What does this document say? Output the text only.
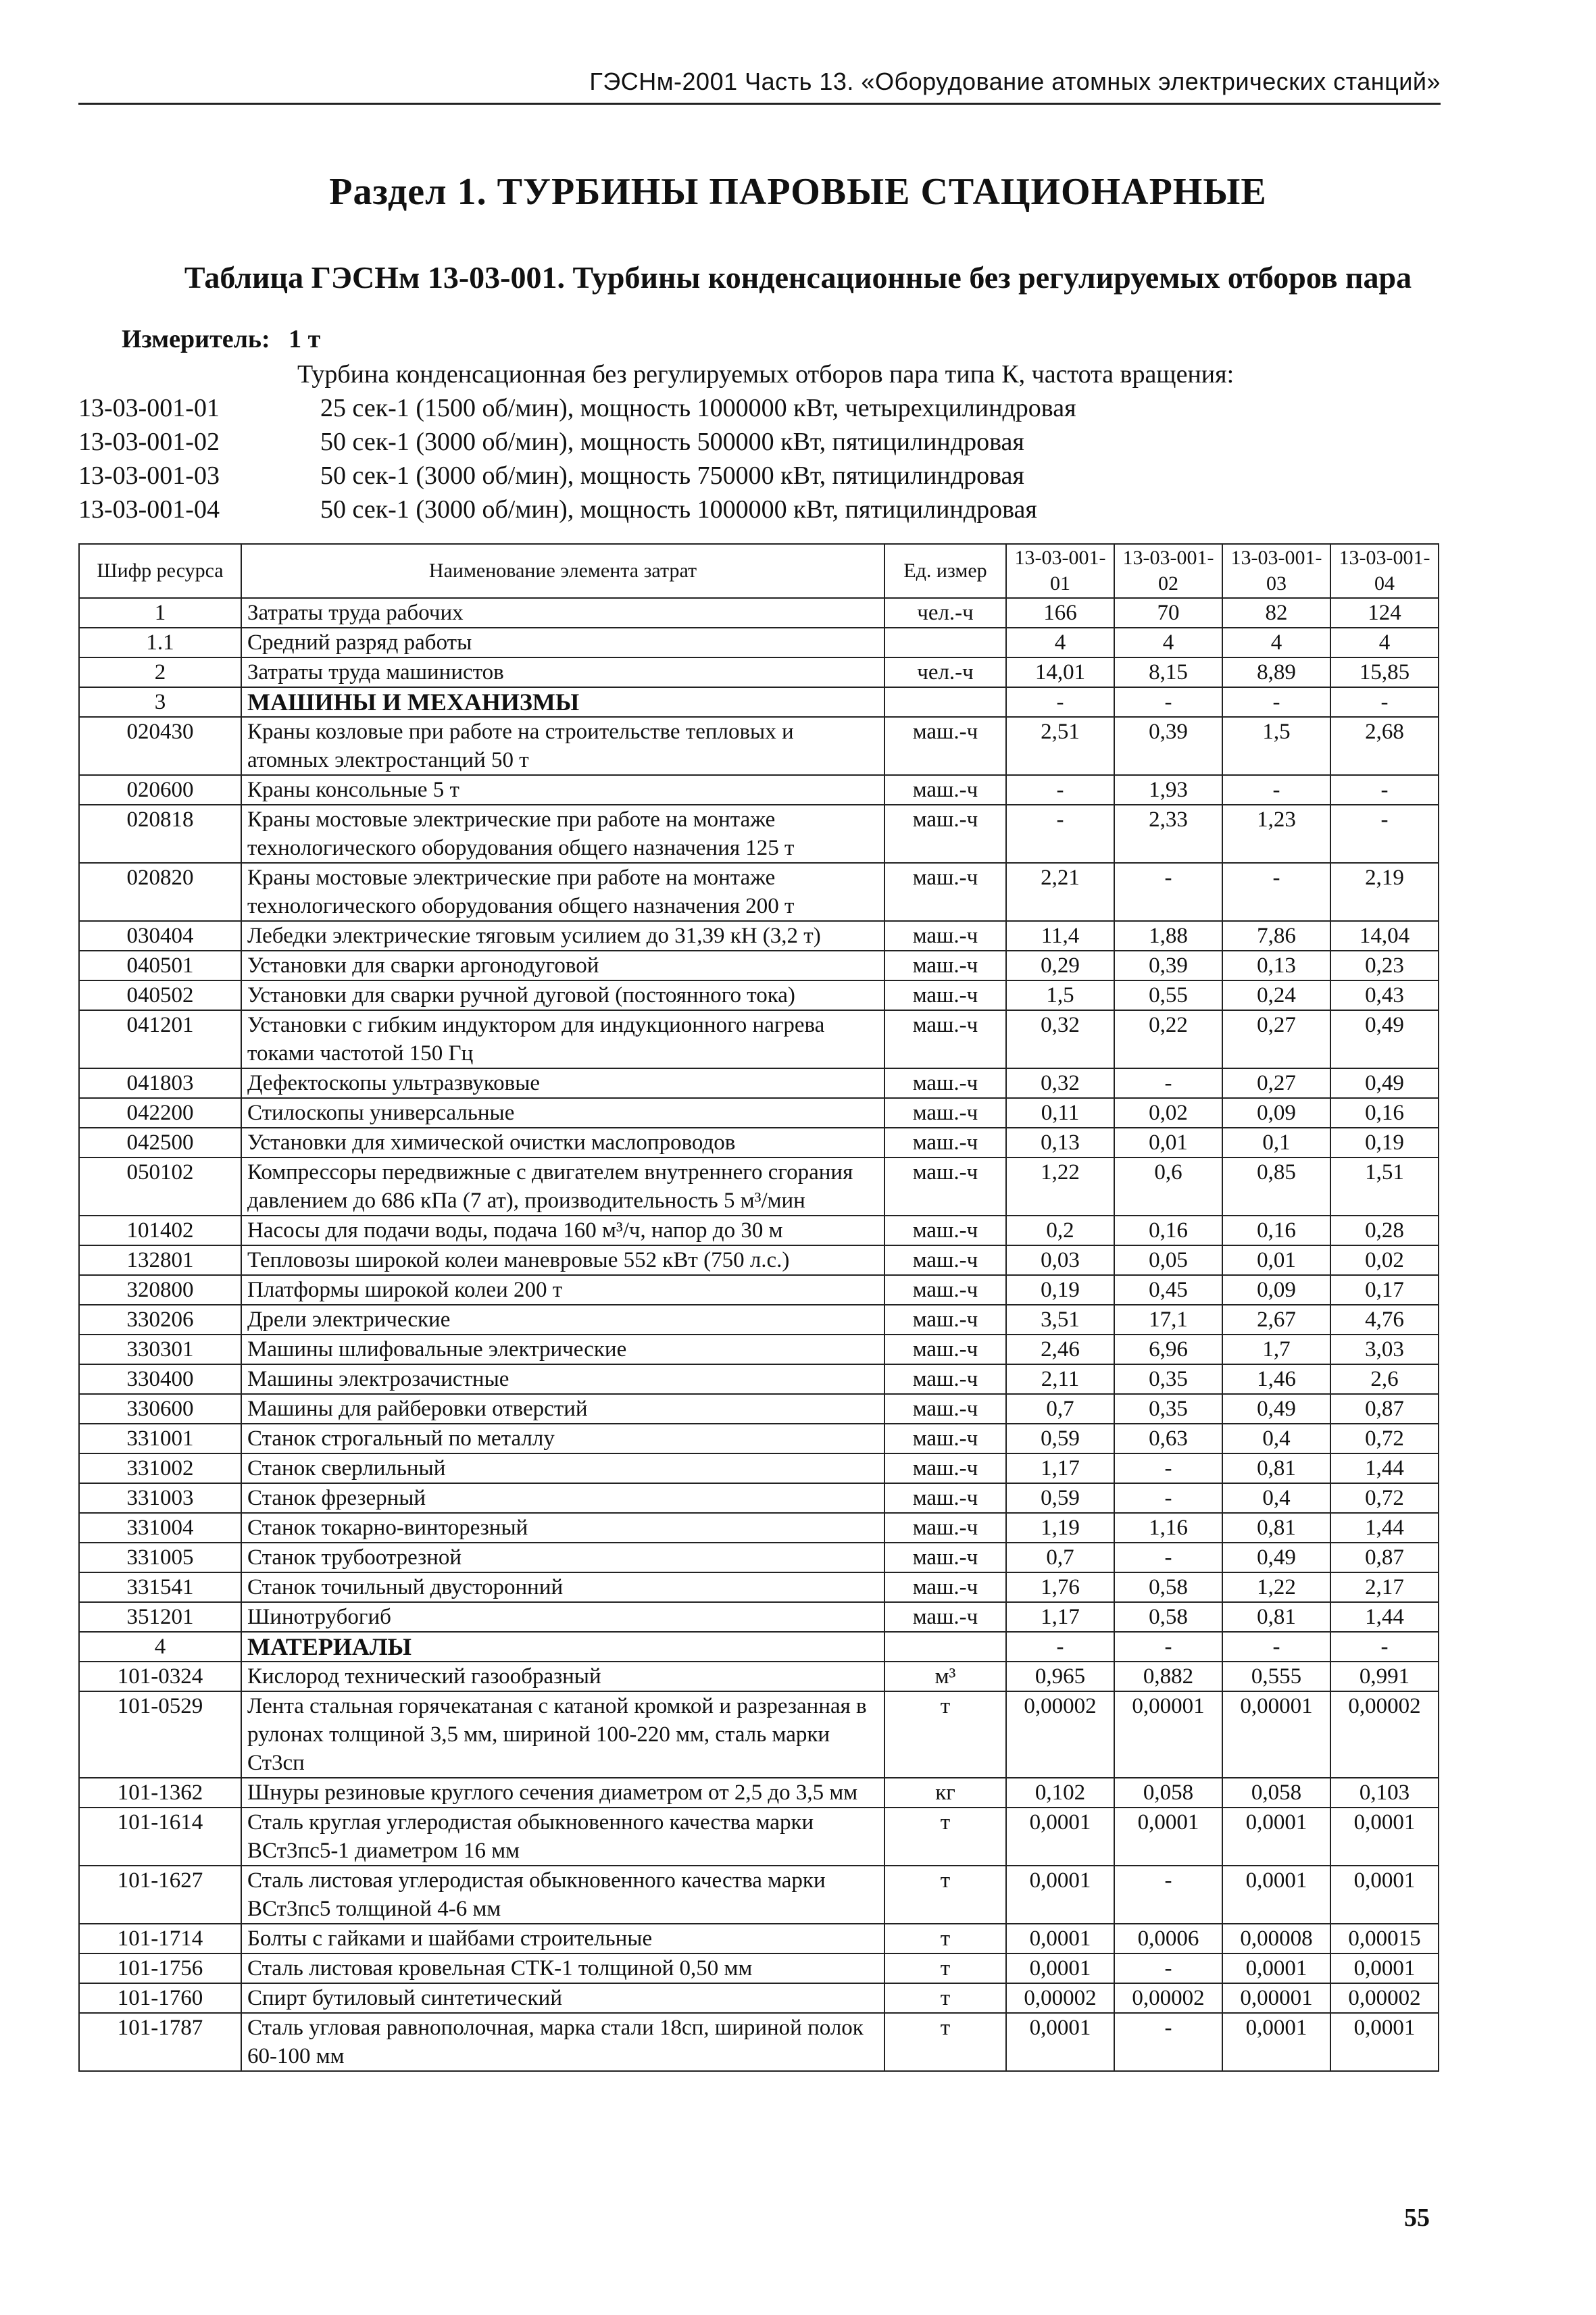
ГЭСНм-2001 Часть 13. «Оборудование атомных электрических станций»
Раздел 1. ТУРБИНЫ ПАРОВЫЕ СТАЦИОНАРНЫЕ
Таблица ГЭСНм 13-03-001. Турбины конденсационные без регулируемых отборов пара
Измеритель: 1 т
Турбина конденсационная без регулируемых отборов пара типа К, частота вращения:
13-03-001-01	25 сек-1 (1500 об/мин), мощность 1000000 кВт, четырехцилиндровая
13-03-001-02	50 сек-1 (3000 об/мин), мощность 500000 кВт, пятицилиндровая
13-03-001-03	50 сек-1 (3000 об/мин), мощность 750000 кВт, пятицилиндровая
13-03-001-04	50 сек-1 (3000 об/мин), мощность 1000000 кВт, пятицилиндровая
Шифр ресурса	Наименование элемента затрат	Ед. измер	13-03-001-01	13-03-001-02	13-03-001-03	13-03-001-04
1	Затраты труда рабочих	чел.-ч	166	70	82	124
1.1	Средний разряд работы		4	4	4	4
2	Затраты труда машинистов	чел.-ч	14,01	8,15	8,89	15,85
3	МАШИНЫ И МЕХАНИЗМЫ		-	-	-	-
020430	Краны козловые при работе на строительстве тепловых и атомных электростанций 50 т	маш.-ч	2,51	0,39	1,5	2,68
020600	Краны консольные 5 т	маш.-ч	-	1,93	-	-
020818	Краны мостовые электрические при работе на монтаже технологического оборудования общего назначения 125 т	маш.-ч	-	2,33	1,23	-
020820	Краны мостовые электрические при работе на монтаже технологического оборудования общего назначения 200 т	маш.-ч	2,21	-	-	2,19
030404	Лебедки электрические тяговым усилием до 31,39 кН (3,2 т)	маш.-ч	11,4	1,88	7,86	14,04
040501	Установки для сварки аргонодуговой	маш.-ч	0,29	0,39	0,13	0,23
040502	Установки для сварки ручной дуговой (постоянного тока)	маш.-ч	1,5	0,55	0,24	0,43
041201	Установки с гибким индуктором для индукционного нагрева токами частотой 150 Гц	маш.-ч	0,32	0,22	0,27	0,49
041803	Дефектоскопы ультразвуковые	маш.-ч	0,32	-	0,27	0,49
042200	Стилоскопы универсальные	маш.-ч	0,11	0,02	0,09	0,16
042500	Установки для химической очистки маслопроводов	маш.-ч	0,13	0,01	0,1	0,19
050102	Компрессоры передвижные с двигателем внутреннего сгорания давлением до 686 кПа (7 ат), производительность 5 м³/мин	маш.-ч	1,22	0,6	0,85	1,51
101402	Насосы для подачи воды, подача 160 м³/ч, напор до 30 м	маш.-ч	0,2	0,16	0,16	0,28
132801	Тепловозы широкой колеи маневровые 552 кВт (750 л.с.)	маш.-ч	0,03	0,05	0,01	0,02
320800	Платформы широкой колеи 200 т	маш.-ч	0,19	0,45	0,09	0,17
330206	Дрели электрические	маш.-ч	3,51	17,1	2,67	4,76
330301	Машины шлифовальные электрические	маш.-ч	2,46	6,96	1,7	3,03
330400	Машины электрозачистные	маш.-ч	2,11	0,35	1,46	2,6
330600	Машины для райберовки отверстий	маш.-ч	0,7	0,35	0,49	0,87
331001	Станок строгальный по металлу	маш.-ч	0,59	0,63	0,4	0,72
331002	Станок сверлильный	маш.-ч	1,17	-	0,81	1,44
331003	Станок фрезерный	маш.-ч	0,59	-	0,4	0,72
331004	Станок токарно-винторезный	маш.-ч	1,19	1,16	0,81	1,44
331005	Станок трубоотрезной	маш.-ч	0,7	-	0,49	0,87
331541	Станок точильный двусторонний	маш.-ч	1,76	0,58	1,22	2,17
351201	Шинотрубогиб	маш.-ч	1,17	0,58	0,81	1,44
4	МАТЕРИАЛЫ		-	-	-	-
101-0324	Кислород технический газообразный	м³	0,965	0,882	0,555	0,991
101-0529	Лента стальная горячекатаная с катаной кромкой и разрезанная в рулонах толщиной 3,5 мм, шириной 100-220 мм, сталь марки Ст3сп	т	0,00002	0,00001	0,00001	0,00002
101-1362	Шнуры резиновые круглого сечения диаметром от 2,5 до 3,5 мм	кг	0,102	0,058	0,058	0,103
101-1614	Сталь круглая углеродистая обыкновенного качества марки ВСт3пс5-1 диаметром 16 мм	т	0,0001	0,0001	0,0001	0,0001
101-1627	Сталь листовая углеродистая обыкновенного качества марки ВСт3пс5 толщиной 4-6 мм	т	0,0001	-	0,0001	0,0001
101-1714	Болты с гайками и шайбами строительные	т	0,0001	0,0006	0,00008	0,00015
101-1756	Сталь листовая кровельная СТК-1 толщиной 0,50 мм	т	0,0001	-	0,0001	0,0001
101-1760	Спирт бутиловый синтетический	т	0,00002	0,00002	0,00001	0,00002
101-1787	Сталь угловая равнополочная, марка стали 18сп, шириной полок 60-100 мм	т	0,0001	-	0,0001	0,0001
55
